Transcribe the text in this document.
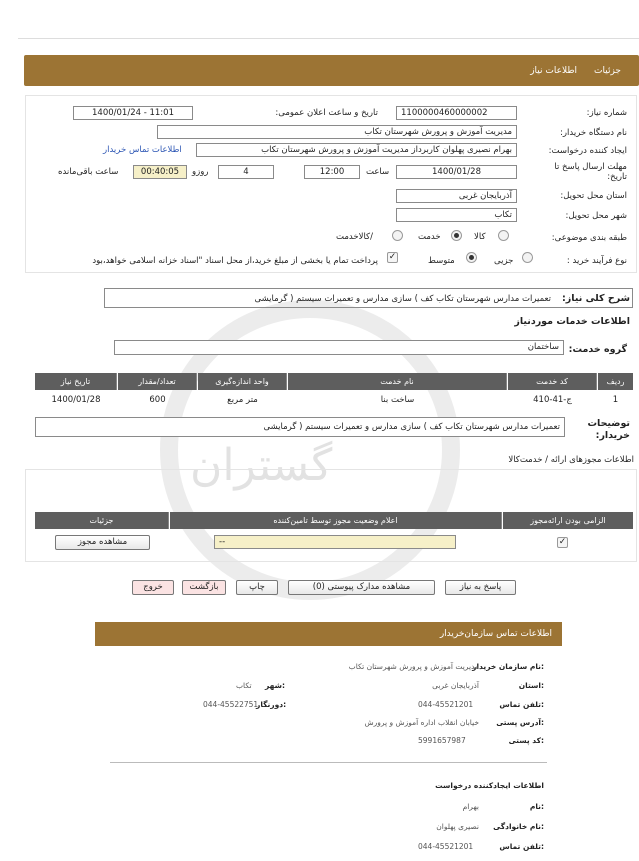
جزئیات
اطلاعات نیاز
گستران
شماره نیاز:
1100000460000002
تاریخ و ساعت اعلان عمومی:
1400/01/24 - 11:01
نام دستگاه خریدار:
مدیریت آموزش و پرورش شهرستان تکاب
ایجاد کننده درخواست:
بهرام نصیری پهلوان کاربرداز مدیریت آموزش و پرورش شهرستان تکاب
اطلاعات تماس خریدار
مهلت ارسال پاسخ تا تاریخ:
1400/01/28
ساعت
12:00
روزو	4
00:40:05
ساعت باقی‌مانده
استان محل تحویل:
آذربایجان غربی
شهر محل تحویل:
تکاب
طبقه بندی موضوعی:
کالا
خدمت
/کالاخدمت
نوع فرآیند خرید :
جزیی
متوسط
✓
پرداخت تمام یا بخشی از مبلغ خرید،از محل اسناد "اسناد خزانه اسلامی خواهد،بود
شرح کلی نیاز:
تعمیرات مدارس شهرستان تکاب کف ) سازی مدارس و تعمیرات سیستم ( گرمایشی
اطلاعات خدمات موردنیاز
گروه خدمت:
ساختمان
ردیف
کد خدمت
نام خدمت
واحد اندازه‌گیری
تعداد/مقدار
تاریخ نیاز
1
ج-41-410
ساخت بنا
متر مربع
600
1400/01/28
توضیحات خریدار:
تعمیرات مدارس شهرستان تکاب کف ) سازی مدارس و تعمیرات سیستم ( گرمایشی
اطلاعات مجوزهای ارائه / خدمت‌کالا
الزامی بودن ارائه‌مجوز
اعلام وضعیت مجوز توسط تامین‌کننده
جزئیات
✓
--
مشاهده مجوز
پاسخ به نیاز
مشاهده مدارک پیوستی (0)
چاپ
بازگشت
خروج
اطلاعات تماس سازمان‌خریدار
نام سازمان خریدار:
مدیریت آموزش و پرورش شهرستان تکاب
استان:
آذربایجان غربی
شهر:
تکاب
تلفن تماس:
044-45521201
دورنگار:
044-45522751
آدرس پستی:
خیابان انقلاب اداره آموزش و پرورش
کد پستی:
5991657987
اطلاعات ایجادکننده درخواست
نام:
بهرام
نام خانوادگی:
نصیری پهلوان
تلفن تماس:
044-45521201
